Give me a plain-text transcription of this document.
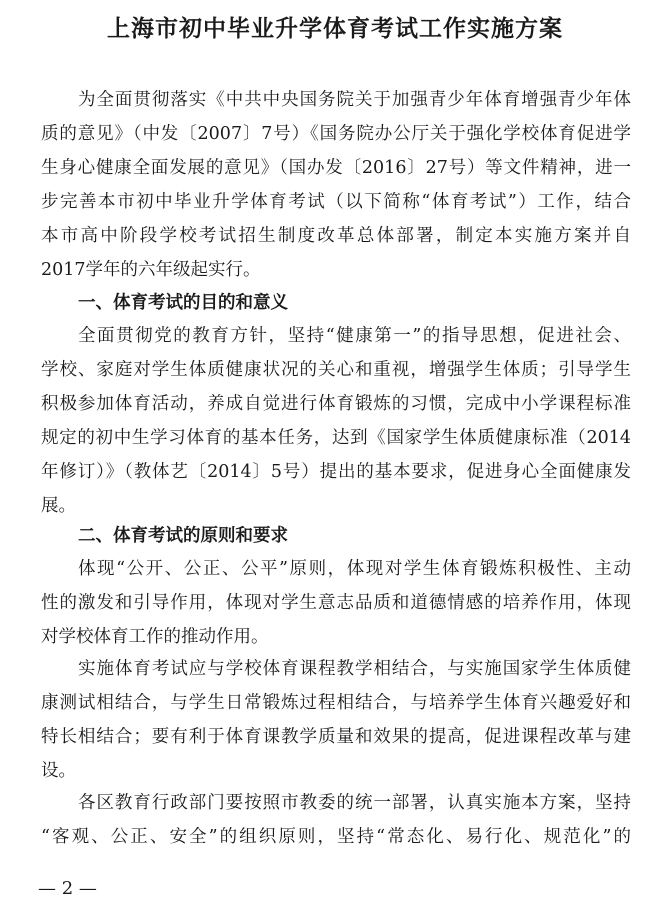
上海市初中毕业升学体育考试工作实施方案
为全面贯彻落实《中共中央国务院关于加强青少年体育增强青少年体
质的意见》（中发〔2007〕7号）《国务院办公厅关于强化学校体育促进学
生身心健康全面发展的意见》（国办发〔2016〕27号）等文件精神，进一
步完善本市初中毕业升学体育考试（以下简称“体育考试”）工作，结合
本市高中阶段学校考试招生制度改革总体部署，制定本实施方案并自
2017学年的六年级起实行。
一、体育考试的目的和意义
全面贯彻党的教育方针，坚持“健康第一”的指导思想，促进社会、
学校、家庭对学生体质健康状况的关心和重视，增强学生体质；引导学生
积极参加体育活动，养成自觉进行体育锻炼的习惯，完成中小学课程标准
规定的初中生学习体育的基本任务，达到《国家学生体质健康标准（2014
年修订）》（教体艺〔2014〕5号）提出的基本要求，促进身心全面健康发
展。
二、体育考试的原则和要求
体现“公开、公正、公平”原则，体现对学生体育锻炼积极性、主动
性的激发和引导作用，体现对学生意志品质和道德情感的培养作用，体现
对学校体育工作的推动作用。
实施体育考试应与学校体育课程教学相结合，与实施国家学生体质健
康测试相结合，与学生日常锻炼过程相结合，与培养学生体育兴趣爱好和
特长相结合；要有利于体育课教学质量和效果的提高，促进课程改革与建
设。
各区教育行政部门要按照市教委的统一部署，认真实施本方案，坚持
“客观、公正、安全”的组织原则，坚持“常态化、易行化、规范化”的
— 2 —
